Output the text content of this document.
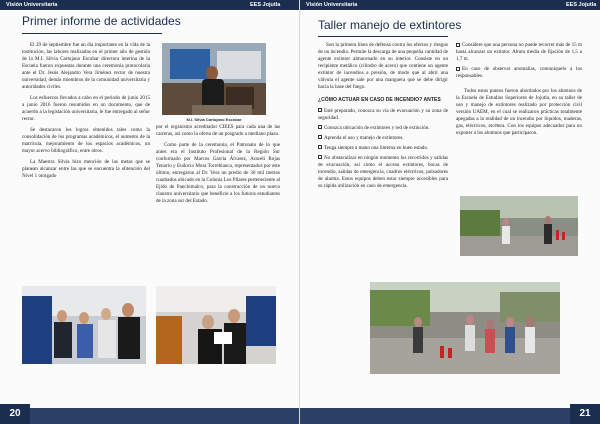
Visión Universitaria	EES Jojutla
Primer informe de actividades

El 29 de septiembre fue un día importante en la vida de la institución, las labores realizadas en el primer año de gestión de la M.I. Silvia Cartujano Escobar directora interina de la Escuela fueron expuestas durante una ceremonia protocolaria ante el Dr. Jesús Alejandro Vera Jiménez rector de nuestra universidad, demás miembros de la comunidad universitaria y autoridades civiles.

Los esfuerzos llevados a cabo en el periodo de junio 2015 a junio 2016 fueron resumidos en un documento, que de acuerdo a la legislación universitaria, le fue entregado al señor rector.

Se destacaron los logros obtenidos tales como la consolidación de los programas académicos, el aumento de la matrícula, mejoramiento de los espacios académicos, un mayor acervo bibliográfico, entre otros.

La Maestra Silvia hizo mención de las metas que se planean alcanzar entre las que se encuentra la obtención del Nivel 1 otorgado

M.I. Silvia Cartujano Escobar

por el organismo acreditador CIEES para cada una de las carreras, así como la oferta de un posgrado a mediano plazo.

Como parte de la ceremonia, el Patronato de lo que antes era el Instituto Profesional de la Región Sur conformado por Marcos García Álvarez, Araceli Rojas Tenorio y Eudocio Mora Torreblanca, representados por este último, entregaron al Dr. Vera un predio de 30 mil metros cuadrados ubicado en la Colonia Los Pilares perteneciente al Ejido de Panchimalco, para la construcción de un nuevo claustro universitario que beneficie a los futuros estudiantes de la zona sur del Estado.

20
Visión Universitaria	EES Jojutla
Taller manejo de extintores

Son la primera línea de defensa contra los efectos y riesgos de un incendio. Permite la descarga de una pequeña cantidad de agente extintor almacenado en su interior. Consiste en un recipiente metálico (cilindro de acero) que contiene un agente extintor de incendios a presión, de modo que al abrir una válvula el agente sale por una manguera que se debe dirigir hacia la base del fuego.

¿CÓMO ACTUAR EN CASO DE INCENDIO? ANTES

Esté preparado, conozca su vía de evacuación y su zona de seguridad.

Conozca ubicación de extintores y red de extinción.

Aprenda el uso y manejo de extintores.

Tenga siempre a mano una linterna en buen estado.

No obstaculizar en ningún momento los recorridos y salidas de evacuación, así como el acceso extintores, bocas de incendio, salidas de emergencia, cuadros eléctricos, pulsadores de alarma. Estos equipos deben estar siempre accesibles para su rápida utilización en caso de emergencia.

Considere que una persona no puede recorrer más de 15 m hasta alcanzar un extintor. Altura media de fijación de 1,5 a 1,7 m.

En caso de observar anomalías, comuníquelo a los responsables.

Todos estos puntos fueron abordados por los alumnos de la Escuela de Estudios Superiores de Jojutla, en su taller de uso y manejo de extintores realizado por protección civil versión UAEM, en el cual se realizaron prácticas totalmente apegadas a la realidad de un incendio por líquidos, maderas, gas, eléctricos, etcétera. Con los equipos adecuados para no exponer a los alumnos que participaron.

21
